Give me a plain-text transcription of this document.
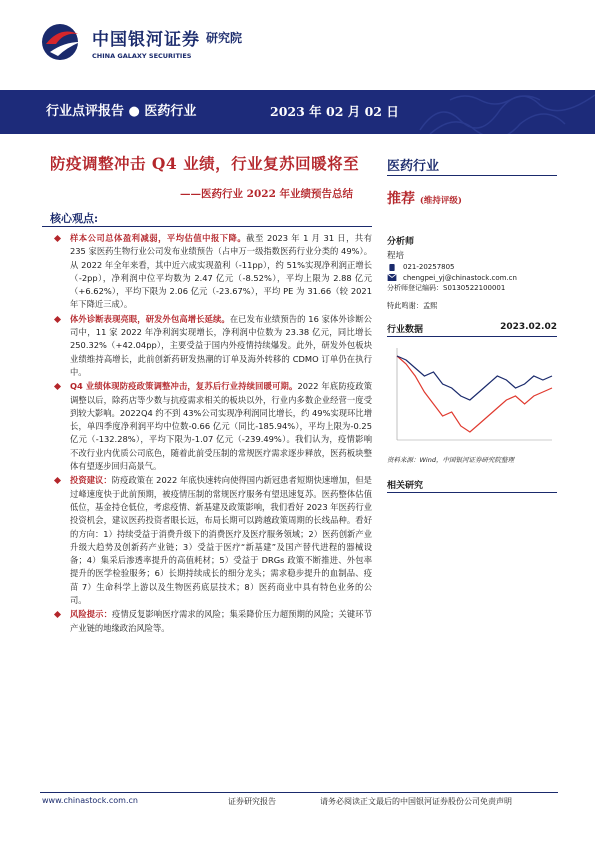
中国银河证券
CHINA GALAXY SECURITIES
研究院
行业点评报告 ● 医药行业	2023 年 02 月 02 日
防疫调整冲击 Q4 业绩，行业复苏回暖将至
——医药行业 2022 年业绩预告总结
核心观点:
样本公司总体盈利减弱，平均估值中报下降。截至 2023 年 1 月 31 日，共有 235 家医药生物行业公司发布业绩预告（占申万一级指数医药行业分类的 49%）。从 2022 年全年来看，其中近六成实现盈利（-11pp），约 51%实现净利润正增长（-2pp），净利润中位平均数为 2.47 亿元（-8.52%），平均上限为 2.88 亿元（+6.62%），平均下限为 2.06 亿元（-23.67%），平均 PE 为 31.66（较 2021 年下降近三成）。
体外诊断表现亮眼，研发外包高增长延续。在已发布业绩预告的 16 家体外诊断公司中，11 家 2022 年净利润实现增长，净利润中位数为 23.38 亿元，同比增长 250.32%（+42.04pp），主要受益于国内外疫情持续爆发。此外，研发外包板块业绩维持高增长，此前创新药研发热潮的订单及海外转移的 CDMO 订单仍在执行中。
Q4 业绩体现防疫政策调整冲击，复苏后行业持续回暖可期。2022 年底防疫政策调整以后，除药店等少数与抗疫需求相关的板块以外，行业内多数企业经营一度受到较大影响。2022Q4 约不到 43%公司实现净利润同比增长，约 49%实现环比增长，单四季度净利润平均中位数-0.66 亿元（同比-185.94%），平均上限为-0.25 亿元（-132.28%），平均下限为-1.07 亿元（-239.49%）。我们认为，疫情影响不改行业内优质公司底色，随着此前受压制的常规医疗需求逐步释放，医药板块整体有望逐步回归高景气。
投资建议：防疫政策在 2022 年底快速转向使得国内新冠患者短期快速增加，但是过峰速度快于此前预期，被疫情压制的常规医疗服务有望迅速复苏。医药整体估值低位，基金持仓低位，考虑疫情、新基建及政策影响，我们看好 2023 年医药行业投资机会，建议医药投资者眼长远，布局长期可以跨越政策周期的长线品种。看好的方向：1）持续受益于消费升级下的消费医疗及医疗服务领域；2）医药创新产业升级大趋势及创新药产业链；3）受益于医疗“新基建”及国产替代进程的器械设备；4）集采后渗透率提升的高值耗材；5）受益于 DRGs 政策不断推进、外包率提升的医学检验服务；6）长期持续成长的细分龙头；需求稳步提升的血制品、疫苗 7）生命科学上游以及生物医药底层技术；8）医药商业中具有特色业务的公司。
风险提示：疫情反复影响医疗需求的风险；集采降价压力超预期的风险；关键环节产业链的地缘政治风险等。
医药行业
推荐 (维持评级)
分析师
程培
021-20257805
chengpei_yj@chinastock.com.cn
分析师登记编码：S0130522100001
特此鸣谢：孟熙
行业数据	2023.02.02
资料来源：Wind，中国银河证券研究院整理
相关研究
www.chinastock.com.cn	证券研究报告	请务必阅读正文最后的中国银河证券股份公司免责声明
